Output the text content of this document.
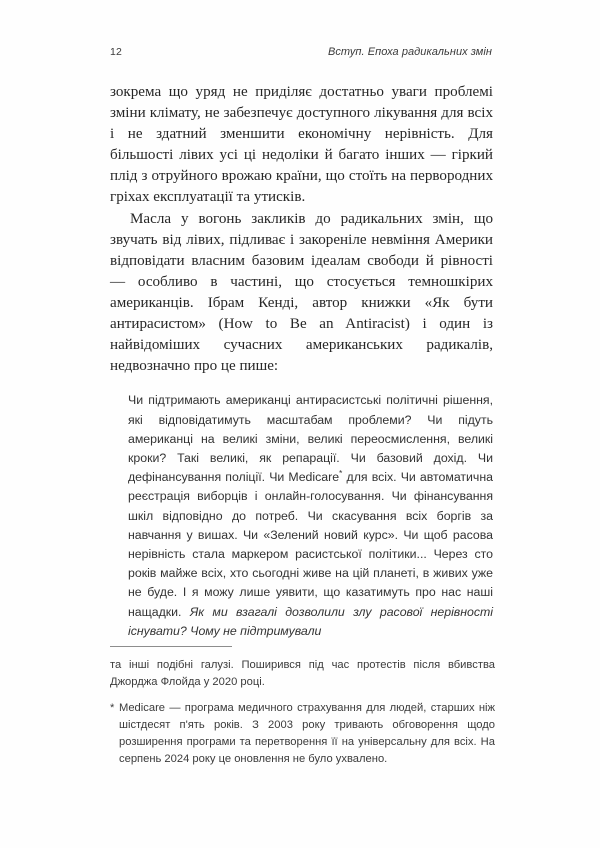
12	Вступ. Епоха радикальних змін

зокрема що уряд не приділяє достатньо уваги проблемі зміни клімату, не забезпечує доступного лікування для всіх і не здатний зменшити економічну нерівність. Для більшості лівих усі ці недоліки й багато інших — гіркий плід з отруйного врожаю країни, що стоїть на первородних гріхах експлуатації та утисків.

Масла у вогонь закликів до радикальних змін, що звучать від лівих, підливає і закорeніле невміння Америки відповідати власним базовим ідеалам свободи й рівності — особливо в частині, що стосується темношкірих американців. Ібрам Кенді, автор книжки «Як бути антирасистом» (How to Be an Antiracist) і один із найвідоміших сучасних американських радикалів, недвозначно про це пише:

Чи підтримають американці антирасистські політичні рішення, які відповідатимуть масштабам проблеми? Чи підуть американці на великі зміни, великі переосмислення, великі кроки? Такі великі, як репарації. Чи базовий дохід. Чи дефінансування поліції. Чи Medicare* для всіх. Чи автоматична реєстрація виборців і онлайн-голосування. Чи фінансування шкіл відповідно до потреб. Чи скасування всіх боргів за навчання у вишах. Чи «Зелений новий курс». Чи щоб расова нерівність стала маркером расистської політики... Через сто років майже всіх, хто сьогодні живе на цій планеті, в живих уже не буде. І я можу лише уявити, що казатимуть про нас наші нащадки. Як ми взагалі дозволили злу расової нерівності існувати? Чому не підтримували

та інші подібні галузі. Поширився під час протестів після вбивства Джорджа Флойда у 2020 році.

* Medicare — програма медичного страхування для людей, старших ніж шістдесят п'ять років. З 2003 року тривають обговорення щодо розширення програми та перетворення її на універсальну для всіх. На серпень 2024 року це оновлення не було ухвалено.
